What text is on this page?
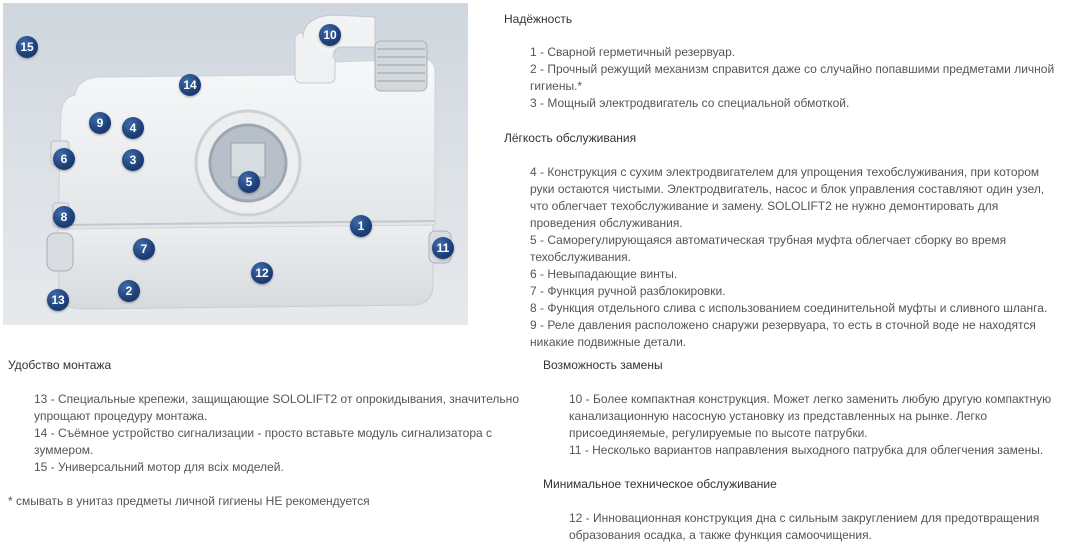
15
10
14
9	4
6	3
5
8
1
7	11
12
2
13
Надёжность

1 - Сварной герметичный резервуар.

2 - Прочный режущий механизм справится даже со случайно попавшими предметами личной гигиены.*

3 - Мощный электродвигатель со специальной обмоткой.

Лёгкость обслуживания

4 - Конструкция с сухим электродвигателем для упрощения техобслуживания, при котором руки остаются чистыми. Электродвигатель, насос и блок управления составляют один узел, что облегчает техобслуживание и замену. SOLOLIFT2 не нужно демонтировать для проведения обслуживания.

5 - Саморегулирующаяся автоматическая трубная муфта облегчает сборку во время техобслуживания.

6 - Невыпадающие винты.

7 - Функция ручной разблокировки.

8 - Функция отдельного слива с использованием соединительной муфты и сливного шланга.

9 - Реле давления расположено снаружи резервуара, то есть в сточной воде не находятся никакие подвижные детали.

Удобство монтажа

13 - Специальные крепежи, защищающие SOLOLIFT2 от опрокидывания, значительно упрощают процедуру монтажа.

14 - Съёмное устройство сигнализации - просто вставьте модуль сигнализатора с зуммером.

15 - Универсальний мотор для всiх моделей.

* смывать в унитаз предметы личной гигиены НЕ рекомендуется
Возможность замены

10 - Более компактная конструкция. Может легко заменить любую другую компактную канализационную насосную установку из представленных на рынке. Легко присоединяемые, регулируемые по высоте патрубки.

11 - Несколько вариантов направления выходного патрубка для облегчения замены.

Минимальное техническое обслуживание

12 - Инновационная конструкция дна с сильным закруглением для предотвращения образования осадка, а также функция самоочищения.
